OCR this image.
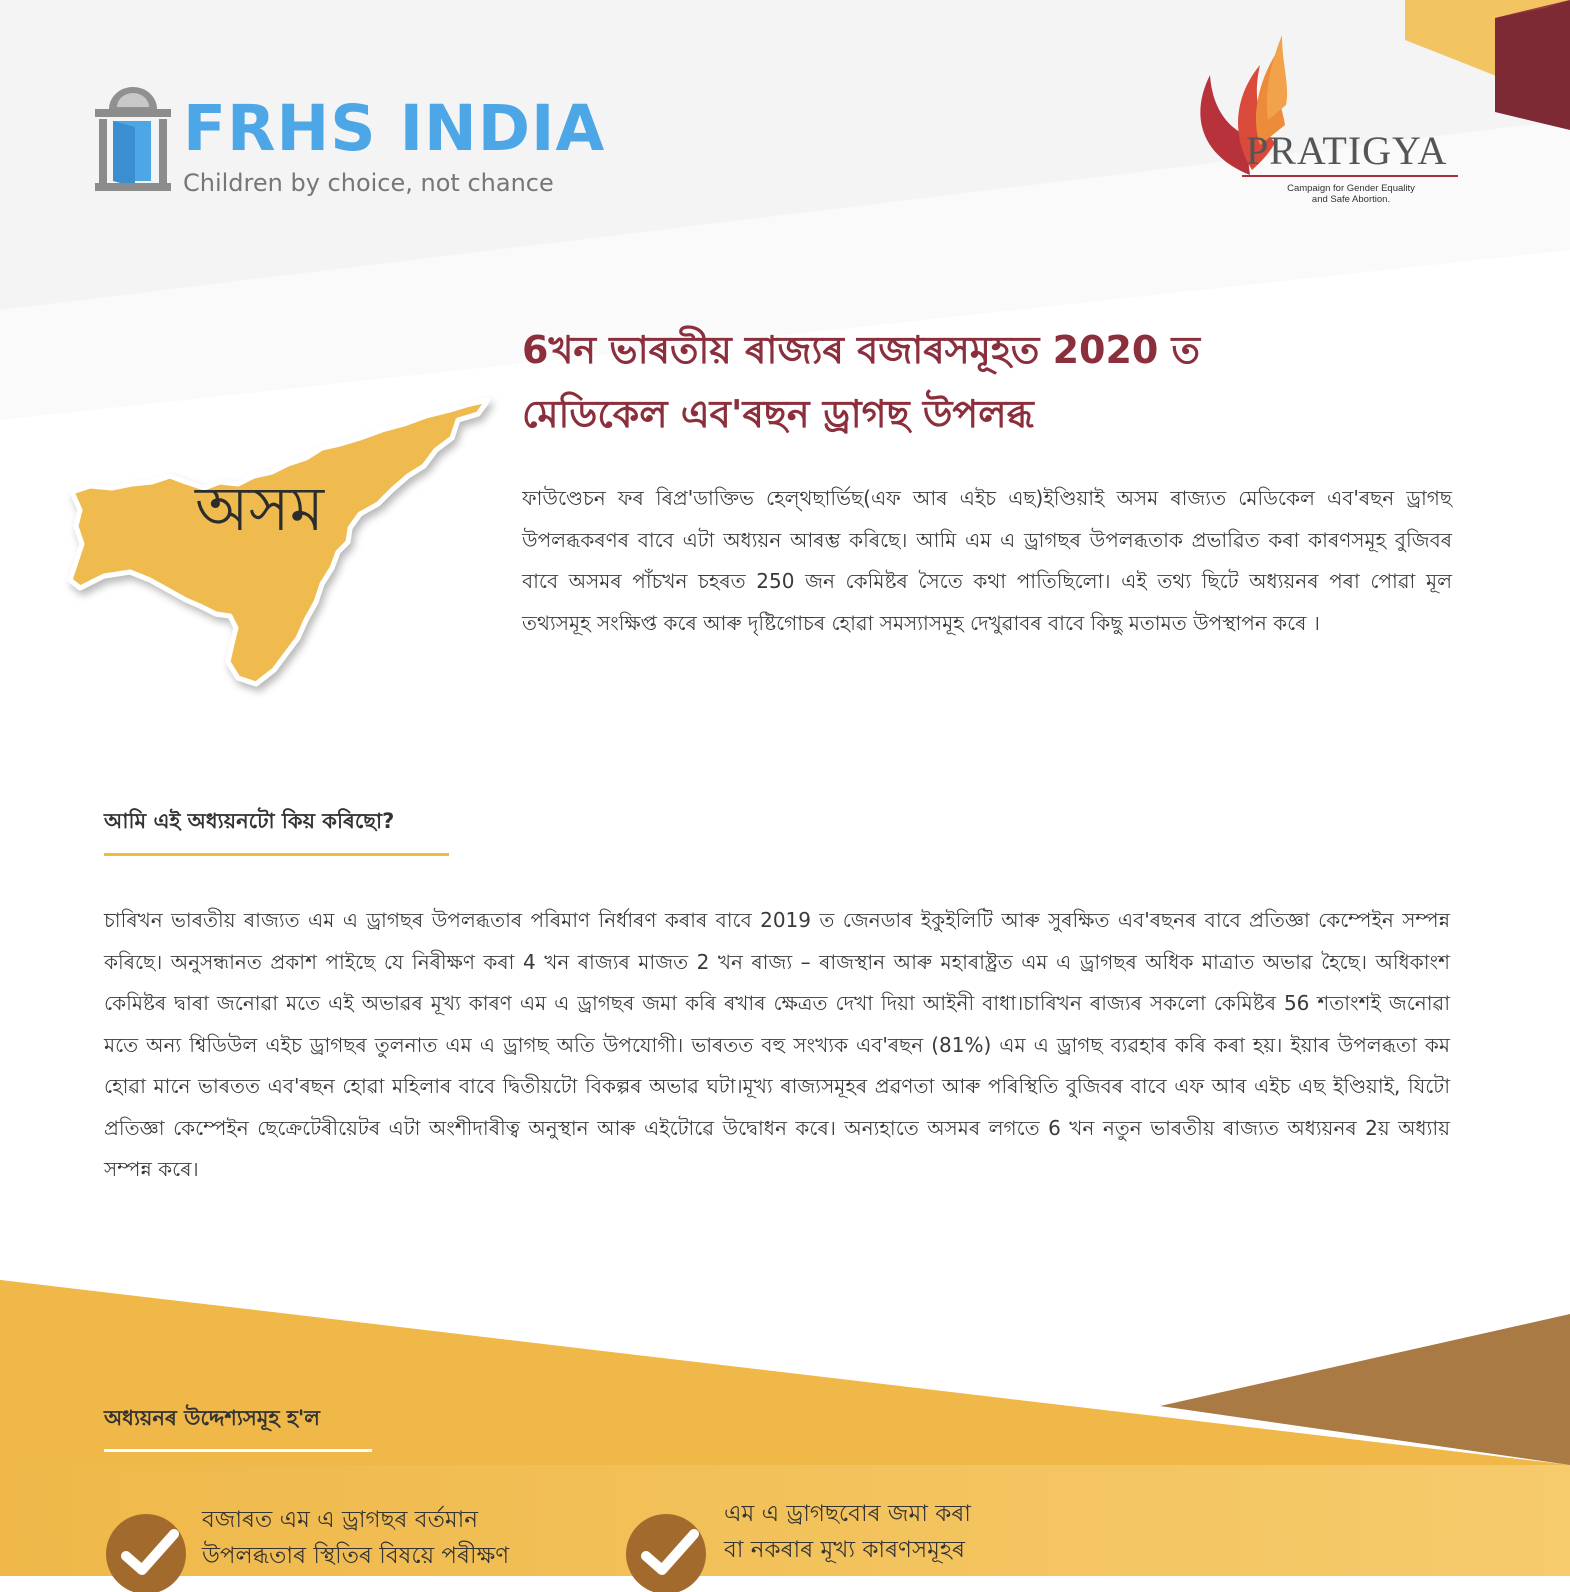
FRHS INDIA
Children by choice, not chance
PRATIGYA
Campaign for Gender Equality
and Safe Abortion.
অসম
6খন ভাৰতীয় ৰাজ্যৰ বজাৰসমূহত 2020 ত
মেডিকেল এব'ৰছন ড্ৰাগছ উপলব্ধ
ফাউণ্ডেচন ফৰ ৰিপ্ৰ'ডাক্তিভ হেল্থছাৰ্ভিছ(এফ আৰ এইচ এছ)ইণ্ডিয়াই অসম ৰাজ্যত মেডিকেল এব'ৰছন ড্ৰাগছ উপলব্ধকৰণৰ বাবে এটা অধ্যয়ন আৰম্ভ কৰিছে। আমি এম এ ড্ৰাগছৰ উপলব্ধতাক প্ৰভাৱিত কৰা কাৰণসমূহ বুজিবৰ বাবে অসমৰ পাঁচখন চহৰত 250 জন কেমিষ্টৰ সৈতে কথা পাতিছিলো। এই তথ্য ছিটে অধ্যয়নৰ পৰা পোৱা মূল তথ্যসমূহ সংক্ষিপ্ত কৰে আৰু দৃষ্টিগোচৰ হোৱা সমস্যাসমূহ দেখুৱাবৰ বাবে কিছু মতামত উপস্থাপন কৰে ।
আমি এই অধ্যয়নটো কিয় কৰিছো?
চাৰিখন ভাৰতীয় ৰাজ্যত এম এ ড্ৰাগছৰ উপলব্ধতাৰ পৰিমাণ নিৰ্ধাৰণ কৰাৰ বাবে 2019 ত জেনডাৰ ইকুইলিটি আৰু সুৰক্ষিত এব'ৰছনৰ বাবে প্ৰতিজ্ঞা কেম্পেইন সম্পন্ন কৰিছে। অনুসন্ধানত প্ৰকাশ পাইছে যে নিৰীক্ষণ কৰা 4 খন ৰাজ্যৰ মাজত 2 খন ৰাজ্য – ৰাজস্থান আৰু মহাৰাষ্ট্ৰত এম এ ড্ৰাগছৰ অধিক মাত্ৰাত অভাৱ হৈছে। অধিকাংশ কেমিষ্টৰ দ্বাৰা জনোৱা মতে এই অভাৱৰ মূখ্য কাৰণ এম এ ড্ৰাগছৰ জমা কৰি ৰখাৰ ক্ষেত্ৰত দেখা দিয়া আইনী বাধা।চাৰিখন ৰাজ্যৰ সকলো কেমিষ্টৰ 56 শতাংশই জনোৱা মতে অন্য শ্বিডিউল এইচ ড্ৰাগছৰ তুলনাত এম এ ড্ৰাগছ অতি উপযোগী। ভাৰতত বহু সংখ্যক এব'ৰছন (81%) এম এ ড্ৰাগছ ব্যৱহাৰ কৰি কৰা হয়। ইয়াৰ উপলব্ধতা কম হোৱা মানে ভাৰতত এব'ৰছন হোৱা মহিলাৰ বাবে দ্বিতীয়টো বিকল্পৰ অভাৱ ঘটা।মূখ্য ৰাজ্যসমূহৰ প্ৰৱণতা আৰু পৰিস্থিতি বুজিবৰ বাবে এফ আৰ এইচ এছ ইণ্ডিয়াই, যিটো প্ৰতিজ্ঞা কেম্পেইন ছেক্ৰেটেৰীয়েটৰ এটা অংশীদাৰীত্ব অনুস্থান আৰু এইটোৱে উদ্বোধন কৰে। অন্যহাতে অসমৰ লগতে 6 খন নতুন ভাৰতীয় ৰাজ্যত অধ্যয়নৰ 2য় অধ্যায় সম্পন্ন কৰে।
অধ্যয়নৰ উদ্দেশ্যসমূহ হ'ল
বজাৰত এম এ ড্ৰাগছৰ বৰ্তমান
উপলব্ধতাৰ স্থিতিৰ বিষয়ে পৰীক্ষণ
এম এ ড্ৰাগছবোৰ জমা কৰা
বা নকৰাৰ মূখ্য কাৰণসমূহৰ
